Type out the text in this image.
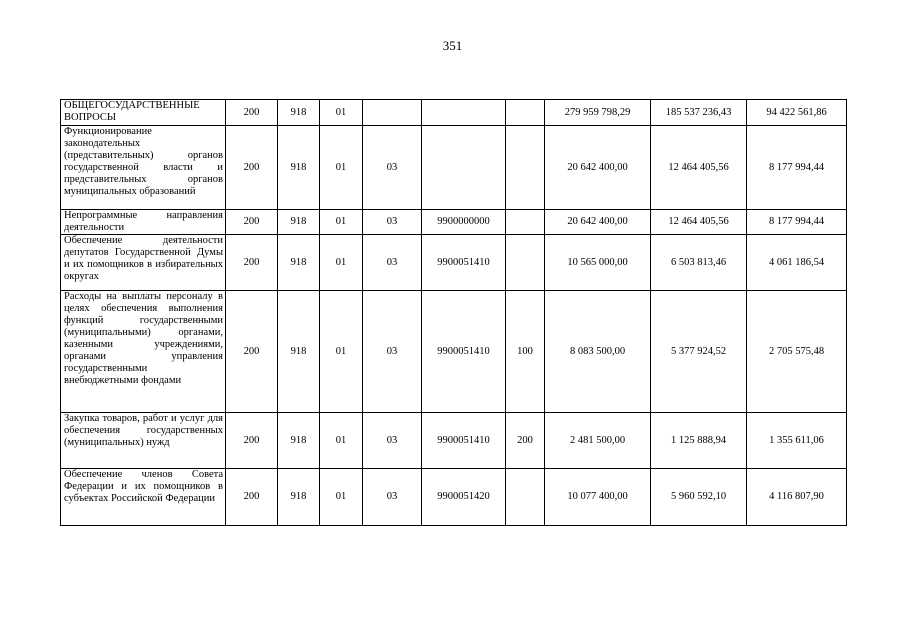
351
ОБЩЕГОСУДАРСТВЕННЫЕ ВОПРОСЫ	200	918	01				279 959 798,29	185 537 236,43	94 422 561,86
Функционирование законодательных (представительных) органов государственной власти и представительных органов муниципальных образований	200	918	01	03			20 642 400,00	12 464 405,56	8 177 994,44
Непрограммные направления деятельности	200	918	01	03	9900000000		20 642 400,00	12 464 405,56	8 177 994,44
Обеспечение деятельности депутатов Государственной Думы и их помощников в избирательных округах	200	918	01	03	9900051410		10 565 000,00	6 503 813,46	4 061 186,54
Расходы на выплаты персоналу в целях обеспечения выполнения функций государственными (муниципальными) органами, казенными учреждениями, органами управления государственными внебюджетными фондами	200	918	01	03	9900051410	100	8 083 500,00	5 377 924,52	2 705 575,48
Закупка товаров, работ и услуг для обеспечения государственных (муниципальных) нужд	200	918	01	03	9900051410	200	2 481 500,00	1 125 888,94	1 355 611,06
Обеспечение членов Совета Федерации и их помощников в субъектах Российской Федерации	200	918	01	03	9900051420		10 077 400,00	5 960 592,10	4 116 807,90
